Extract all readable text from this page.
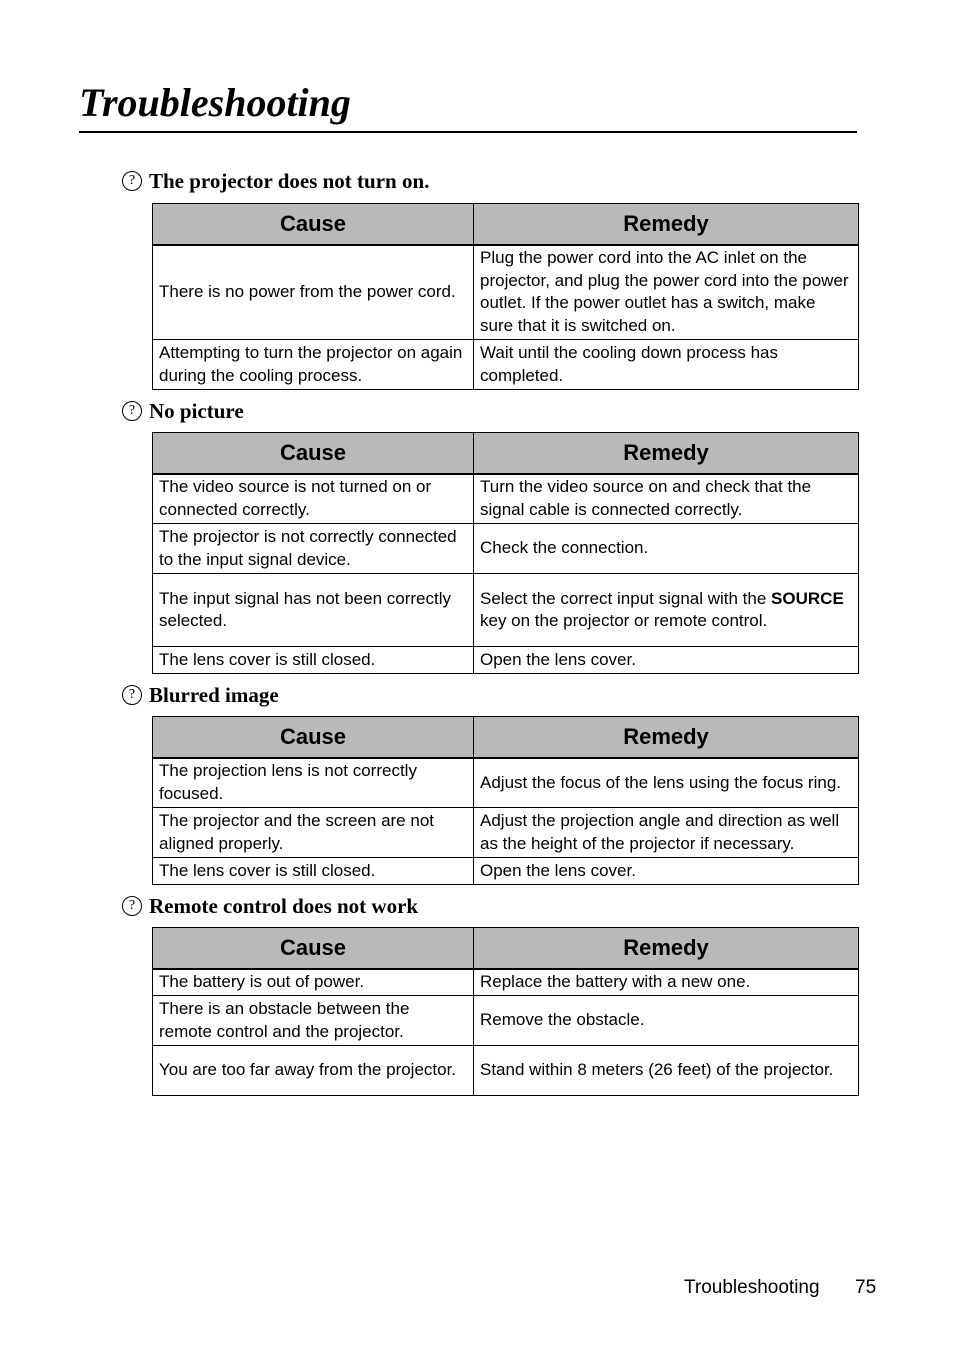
Troubleshooting
? The projector does not turn on.
Cause	Remedy
There is no power from the power cord.	Plug the power cord into the AC inlet on the projector, and plug the power cord into the power outlet. If the power outlet has a switch, make sure that it is switched on.
Attempting to turn the projector on again during the cooling process.	Wait until the cooling down process has completed.
? No picture
Cause	Remedy
The video source is not turned on or connected correctly.	Turn the video source on and check that the signal cable is connected correctly.
The projector is not correctly connected to the input signal device.	Check the connection.
The input signal has not been correctly selected.	Select the correct input signal with the SOURCE key on the projector or remote control.
The lens cover is still closed.	Open the lens cover.
? Blurred image
Cause	Remedy
The projection lens is not correctly focused.	Adjust the focus of the lens using the focus ring.
The projector and the screen are not aligned properly.	Adjust the projection angle and direction as well as the height of the projector if necessary.
The lens cover is still closed.	Open the lens cover.
? Remote control does not work
Cause	Remedy
The battery is out of power.	Replace the battery with a new one.
There is an obstacle between the remote control and the projector.	Remove the obstacle.
You are too far away from the projector.	Stand within 8 meters (26 feet) of the projector.
Troubleshooting 75
